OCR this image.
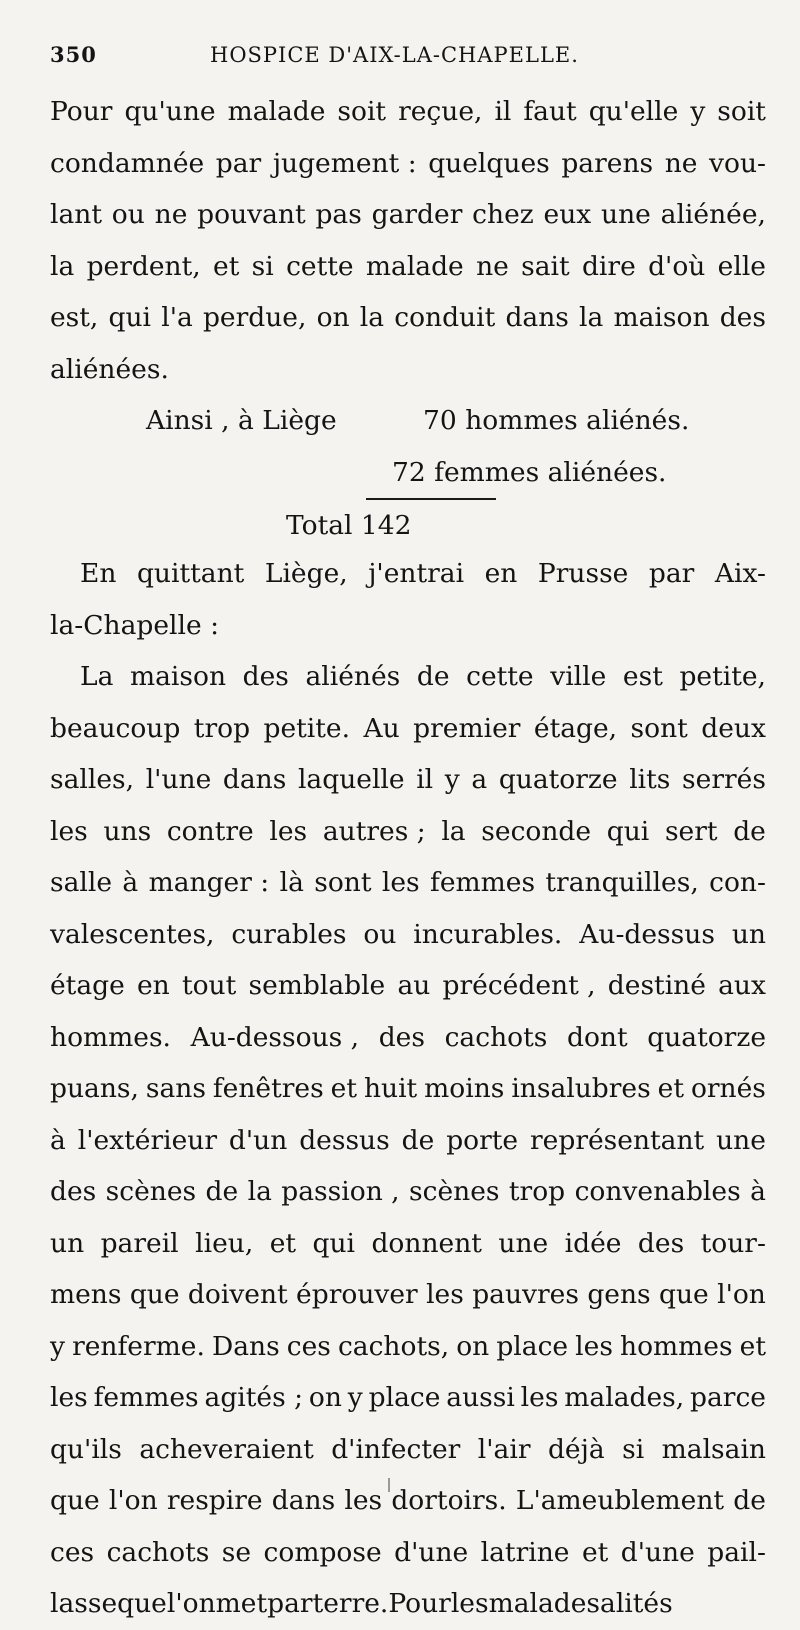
350	HOSPICE D'AIX-LA-CHAPELLE.
Pour qu'une malade soit reçue, il faut qu'elle y soit
condamnée par jugement : quelques parens ne vou-
lant ou ne pouvant pas garder chez eux une aliénée,
la perdent, et si cette malade ne sait dire d'où elle
est, qui l'a perdue, on la conduit dans la maison des
aliénées.
Ainsi ,
à Liège	70 hommes aliénés.
72 femmes aliénées.
Total 142
En quittant Liège, j'entrai en Prusse par Aix-
la-Chapelle :
La maison des aliénés de cette ville est petite,
beaucoup trop petite. Au premier étage, sont deux
salles, l'une dans laquelle il y a quatorze lits serrés
les uns contre les autres ; la seconde qui sert de
salle à manger : là sont les femmes tranquilles, con-
valescentes, curables ou incurables. Au-dessus un
étage en tout semblable au précédent , destiné aux
hommes. Au-dessous , des cachots dont quatorze
puans, sans fenêtres et huit moins insalubres et ornés
à l'extérieur d'un dessus de porte représentant une
des scènes de la passion , scènes trop convenables à
un pareil lieu, et qui donnent une idée des tour-
mens que doivent éprouver les pauvres gens que l'on
y renferme. Dans ces cachots, on place les hommes et
les femmes agités ; on y place aussi les malades, parce
qu'ils acheveraient d'infecter l'air déjà si malsain
que l'on respire dans les dortoirs. L'ameublement de
ces cachots se compose d'une latrine et d'une pail-
lasse que l'on met par terre. Pour les malades alités
